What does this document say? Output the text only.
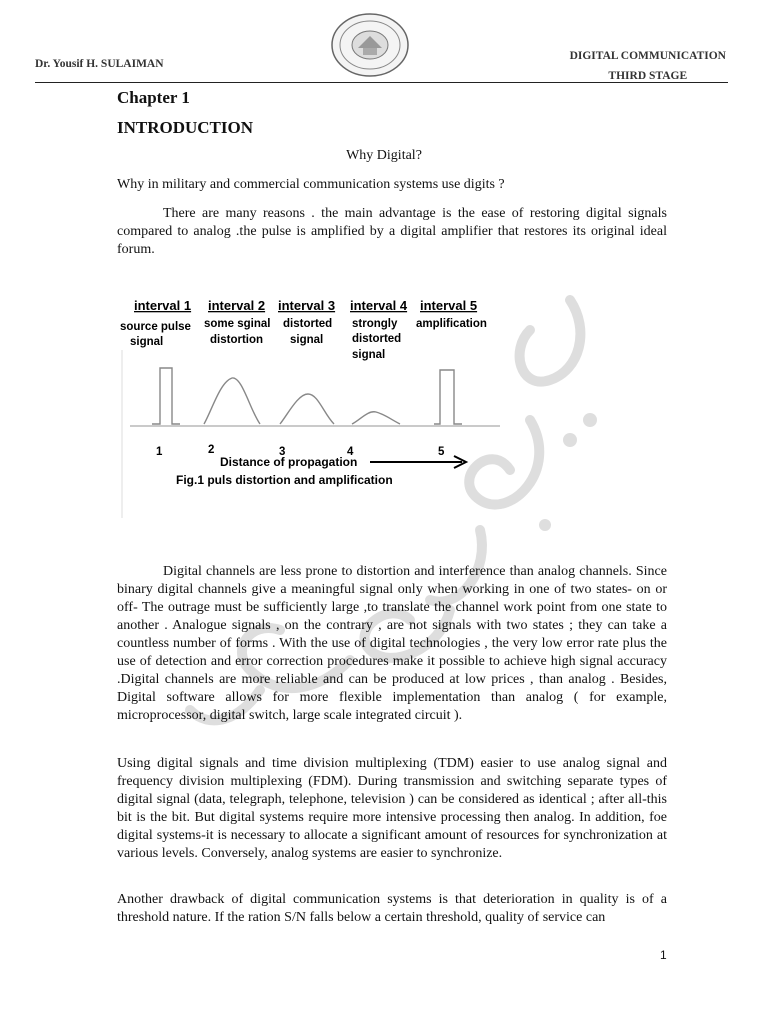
Dr. Yousif H. SULAIMAN
DIGITAL COMMUNICATION
THIRD STAGE
Chapter 1
INTRODUCTION
Why Digital?
Why in military and commercial communication systems use digits ?
There are many reasons . the main advantage is the ease of restoring digital signals compared to analog .the pulse is amplified by a digital amplifier that restores its original ideal forum.
interval 1 interval 2 interval 3 interval 4 interval 5
source pulse
signal
some sginal
distortion
distorted
signal
strongly
distorted
signal
amplification
1	2	3	4	5
Distance of propagation
Fig.1 puls distortion and amplification
Digital channels are less prone to distortion and interference than analog channels. Since binary digital channels give a meaningful signal only when working in one of two states- on or off- The outrage must be sufficiently large ,to translate the channel work point from one state to another . Analogue signals , on the contrary , are not signals with two states ; they can take a countless number of forms . With the use of digital technologies , the very low error rate plus the use of detection and error correction procedures make it possible to achieve high signal accuracy .Digital channels are more reliable and can be produced at low prices , than analog . Besides, Digital software allows for more flexible implementation than analog ( for example, microprocessor, digital switch, large scale integrated circuit ).
Using digital signals and time division multiplexing (TDM) easier to use analog signal and frequency division multiplexing (FDM). During transmission and switching separate types of digital signal (data, telegraph, telephone, television ) can be considered as identical ; after all-this bit is the bit. But digital systems require more intensive processing then analog. In addition, foe digital systems-it is necessary to allocate a significant amount of resources for synchronization at various levels. Conversely, analog systems are easier to synchronize.
Another drawback of digital communication systems is that deterioration in quality is of a threshold nature. If the ration S/N falls below a certain threshold, quality of service can
1
